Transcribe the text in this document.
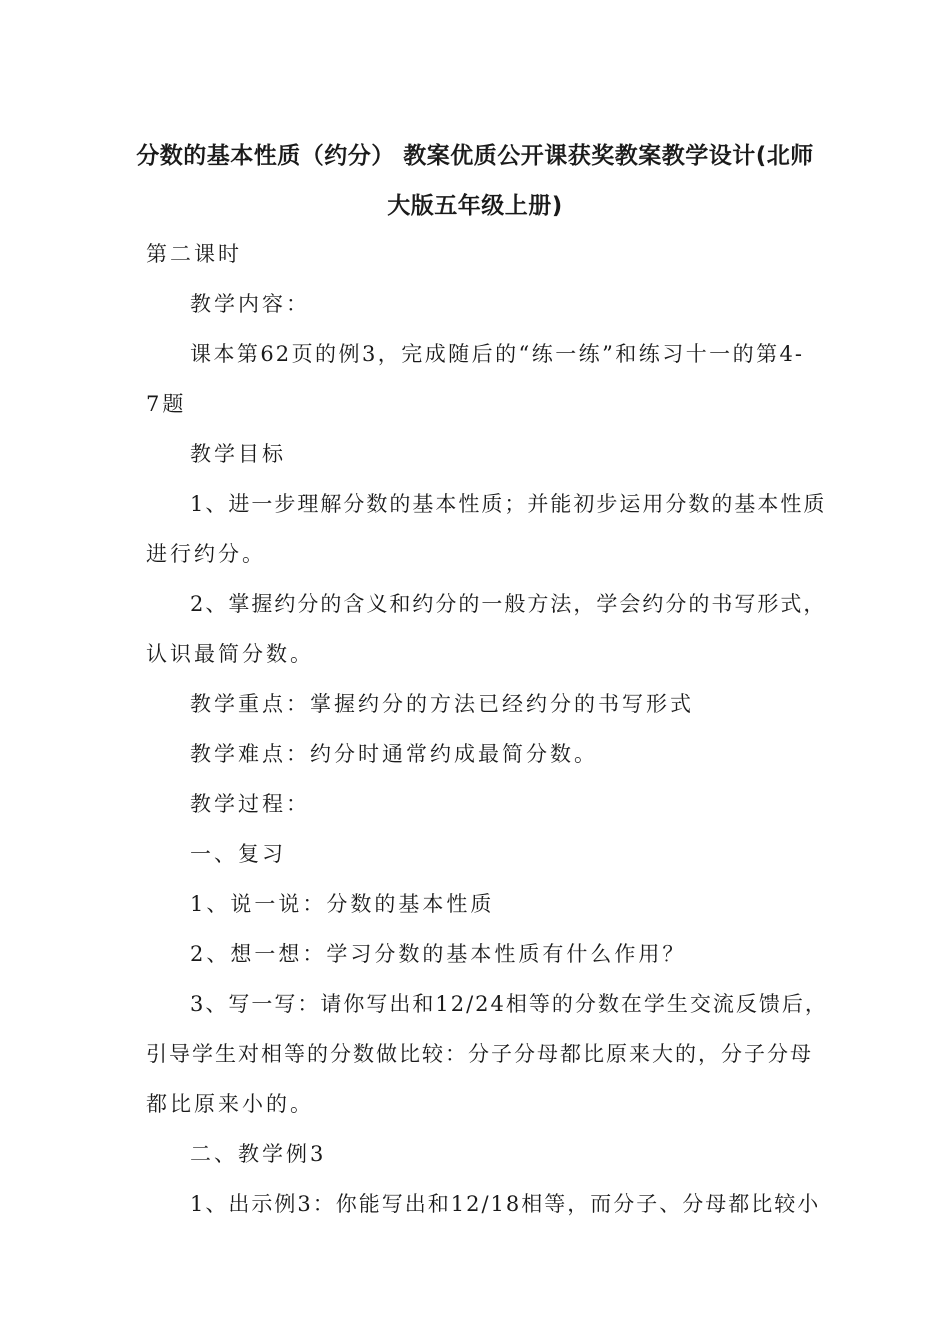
分数的基本性质（约分） 教案优质公开课获奖教案教学设计(北师
大版五年级上册)
第二课时
教学内容：
课本第62页的例3，完成随后的“练一练”和练习十一的第4-
7题
教学目标
1、进一步理解分数的基本性质；并能初步运用分数的基本性质
进行约分。
2、掌握约分的含义和约分的一般方法，学会约分的书写形式，
认识最简分数。
教学重点：掌握约分的方法已经约分的书写形式
教学难点：约分时通常约成最简分数。
教学过程：
一、复习
1、说一说：分数的基本性质
2、想一想：学习分数的基本性质有什么作用？
3、写一写：请你写出和12/24相等的分数在学生交流反馈后，
引导学生对相等的分数做比较：分子分母都比原来大的，分子分母
都比原来小的。
二、教学例3
1、出示例3：你能写出和12/18相等，而分子、分母都比较小
